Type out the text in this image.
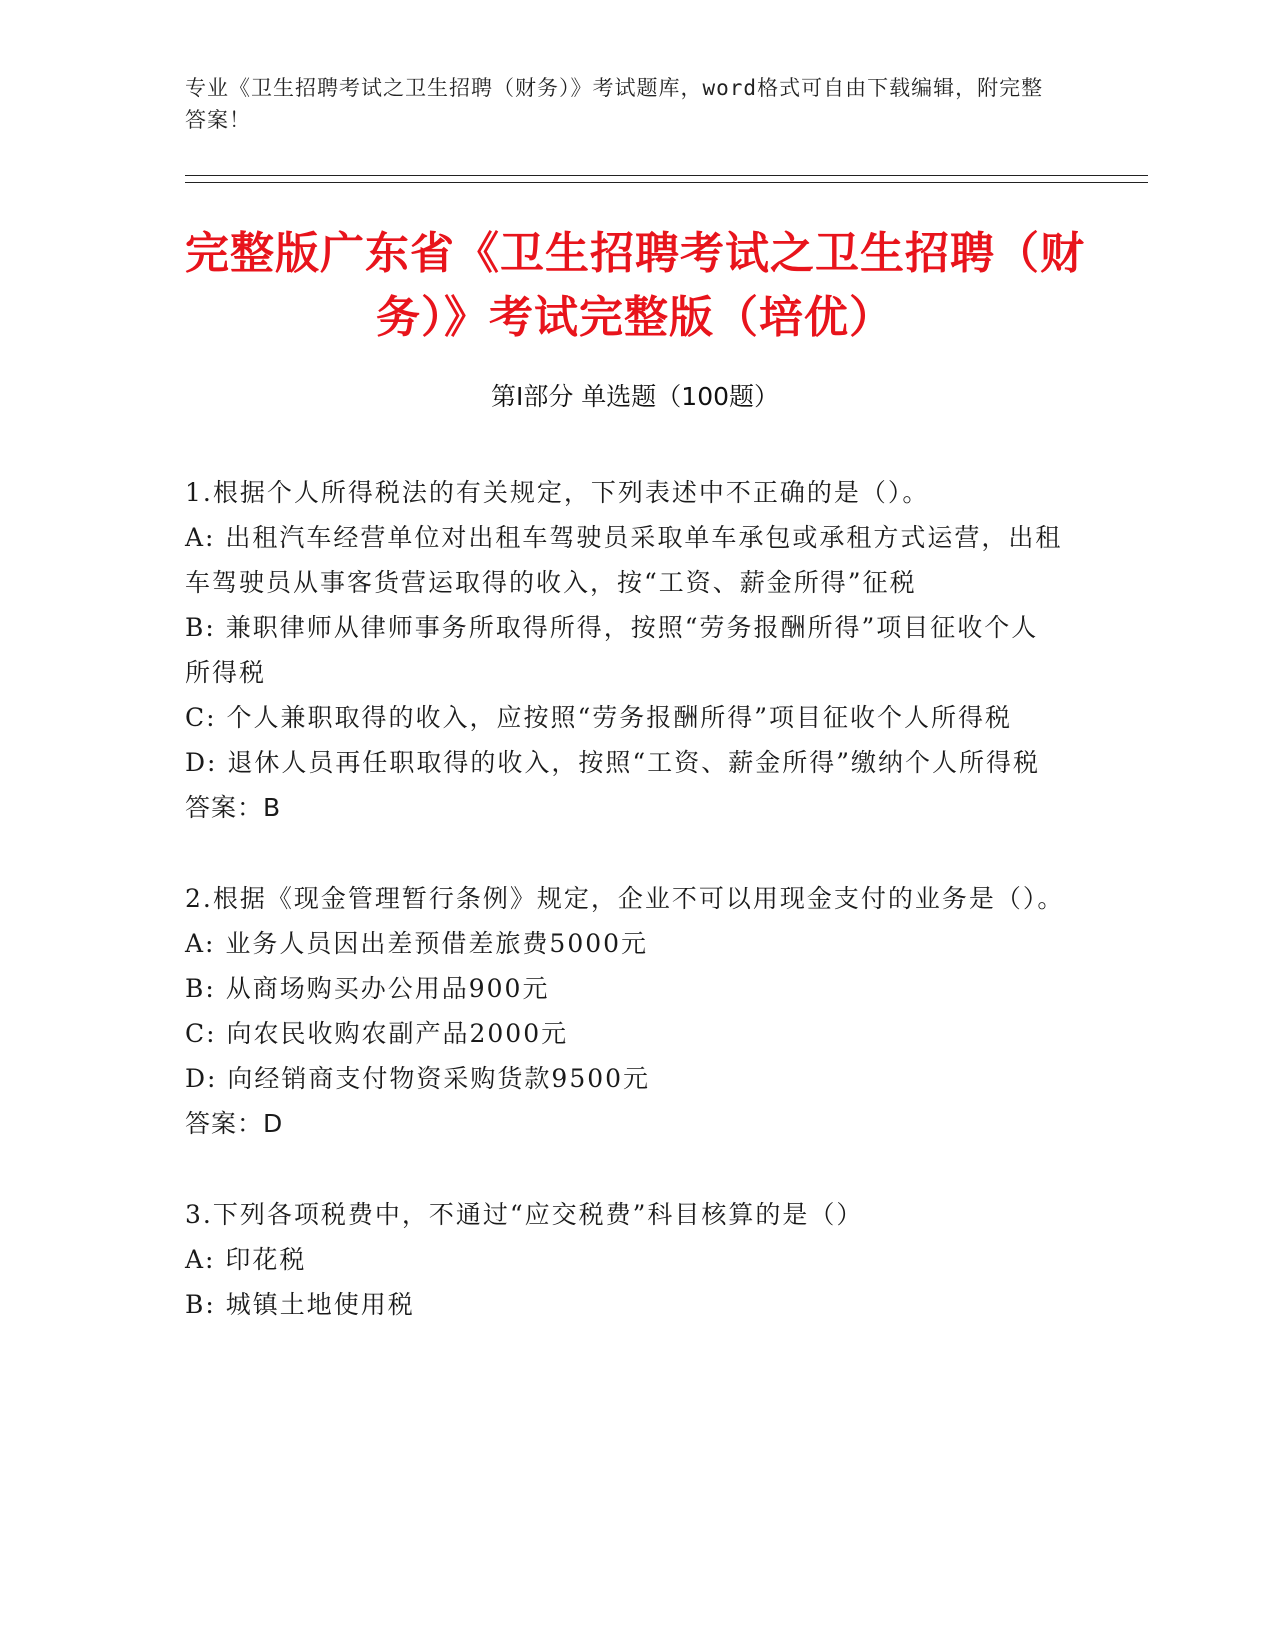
专业《卫生招聘考试之卫生招聘（财务）》考试题库，word格式可自由下载编辑，附完整答案！
完整版广东省《卫生招聘考试之卫生招聘（财务）》考试完整版（培优）
第Ⅰ部分 单选题（100题）

1.根据个人所得税法的有关规定，下列表述中不正确的是（）。

A: 出租汽车经营单位对出租车驾驶员采取单车承包或承租方式运营，出租车驾驶员从事客货营运取得的收入，按“工资、薪金所得”征税

B: 兼职律师从律师事务所取得所得，按照“劳务报酬所得”项目征收个人所得税

C: 个人兼职取得的收入，应按照“劳务报酬所得”项目征收个人所得税

D: 退休人员再任职取得的收入，按照“工资、薪金所得”缴纳个人所得税

答案：B

2.根据《现金管理暂行条例》规定，企业不可以用现金支付的业务是（）。

A: 业务人员因出差预借差旅费5000元

B: 从商场购买办公用品900元

C: 向农民收购农副产品2000元

D: 向经销商支付物资采购货款9500元

答案：D

3.下列各项税费中，不通过“应交税费”科目核算的是（）

A: 印花税

B: 城镇土地使用税
